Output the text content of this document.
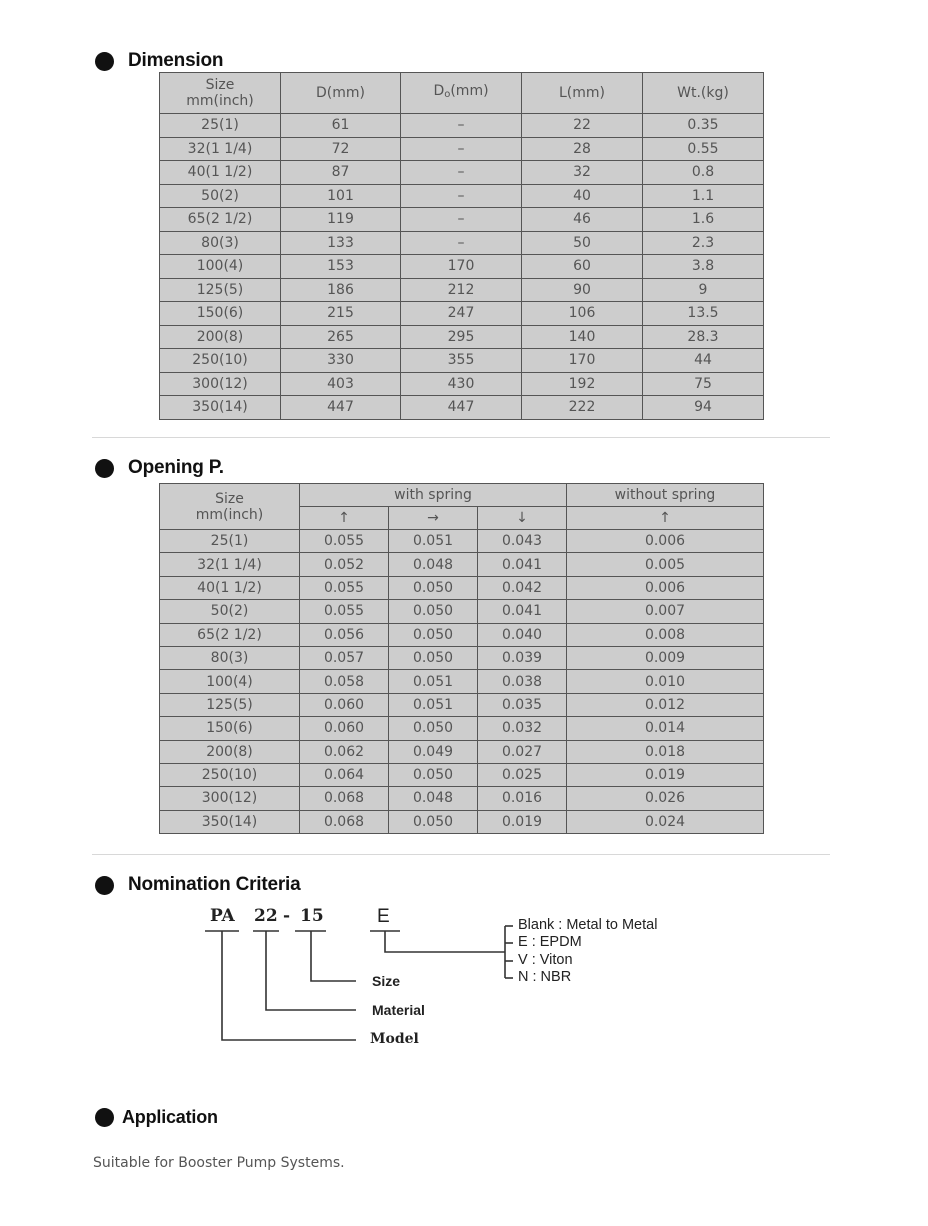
Dimension
Size
mm(inch)	D(mm)	Do(mm)	L(mm)	Wt.(kg)
25(1)	61	–	22	0.35
32(1 1/4)	72	–	28	0.55
40(1 1/2)	87	–	32	0.8
50(2)	101	–	40	1.1
65(2 1/2)	119	–	46	1.6
80(3)	133	–	50	2.3
100(4)	153	170	60	3.8
125(5)	186	212	90	9
150(6)	215	247	106	13.5
200(8)	265	295	140	28.3
250(10)	330	355	170	44
300(12)	403	430	192	75
350(14)	447	447	222	94
Opening P.
Size
mm(inch)	with spring			without spring
	↑	→	↓	↑
25(1)	0.055	0.051	0.043	0.006
32(1 1/4)	0.052	0.048	0.041	0.005
40(1 1/2)	0.055	0.050	0.042	0.006
50(2)	0.055	0.050	0.041	0.007
65(2 1/2)	0.056	0.050	0.040	0.008
80(3)	0.057	0.050	0.039	0.009
100(4)	0.058	0.051	0.038	0.010
125(5)	0.060	0.051	0.035	0.012
150(6)	0.060	0.050	0.032	0.014
200(8)	0.062	0.049	0.027	0.018
250(10)	0.064	0.050	0.025	0.019
300(12)	0.068	0.048	0.016	0.026
350(14)	0.068	0.050	0.019	0.024
Nomination Criteria
PA 22 - 15	E
Size
Material
Model
Blank : Metal to Metal
E : EPDM
V : Viton
N : NBR
Application
Suitable for Booster Pump Systems.
